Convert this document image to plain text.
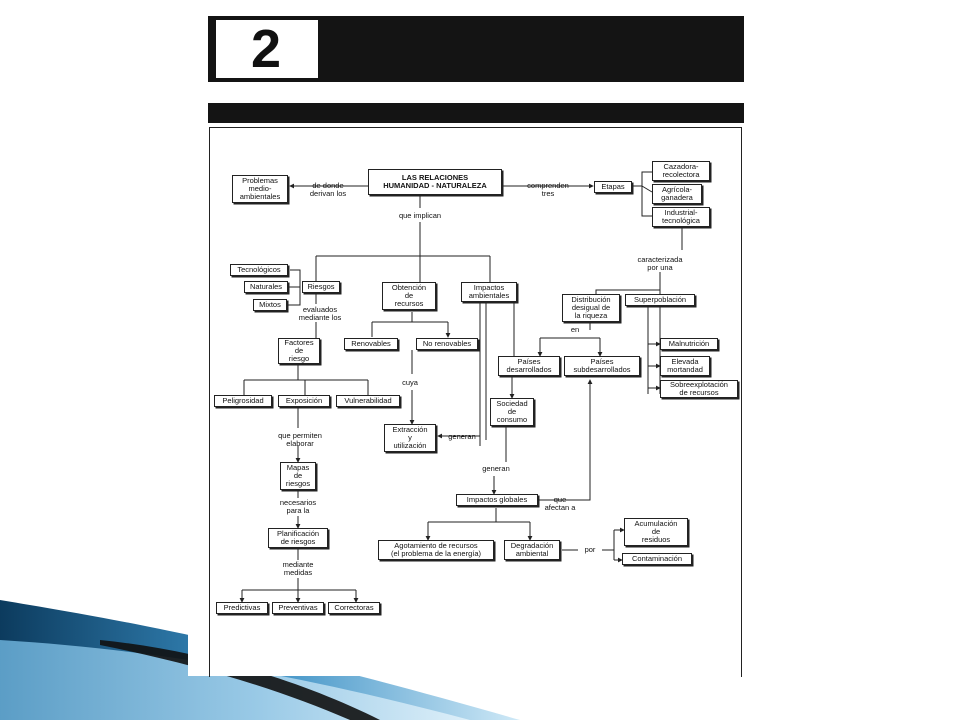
2
LAS RELACIONES
HUMANIDAD - NATURALEZA
Problemas
medio-
ambientales
Etapas
Cazadora-
recolectora
Agrícola-
ganadera
Industrial-
tecnológica
Tecnológicos
Naturales
Mixtos
Riesgos	Obtención
de
recursos
Impactos
ambientales	Distribución
desigual de
la riqueza
Superpoblación
Factores
de
riesgo
Renovables	No renovables
Países
desarrollados
Países
subdesarrollados
Malnutrición
Elevada
mortandad
Sobreexplotación
de recursos
Peligrosidad	Exposición	Vulnerabilidad	Sociedad
de
consumo
Extracción
y
utilización
Mapas
de
riesgos
Impactos globales
Planificación
de riesgos
Acumulación
de
residuos
Agotamiento de recursos
(el problema de la energía)
Degradación
ambiental
Contaminación
Predictivas	Preventivas	Correctoras
de donde
derivan los
comprenden
tres
que implican
caracterizada
por una
evaluados
mediante los
en
cuya
generan
que permiten
elaborar
generan
necesarios
para la
que
afectan a
mediante
medidas
por
